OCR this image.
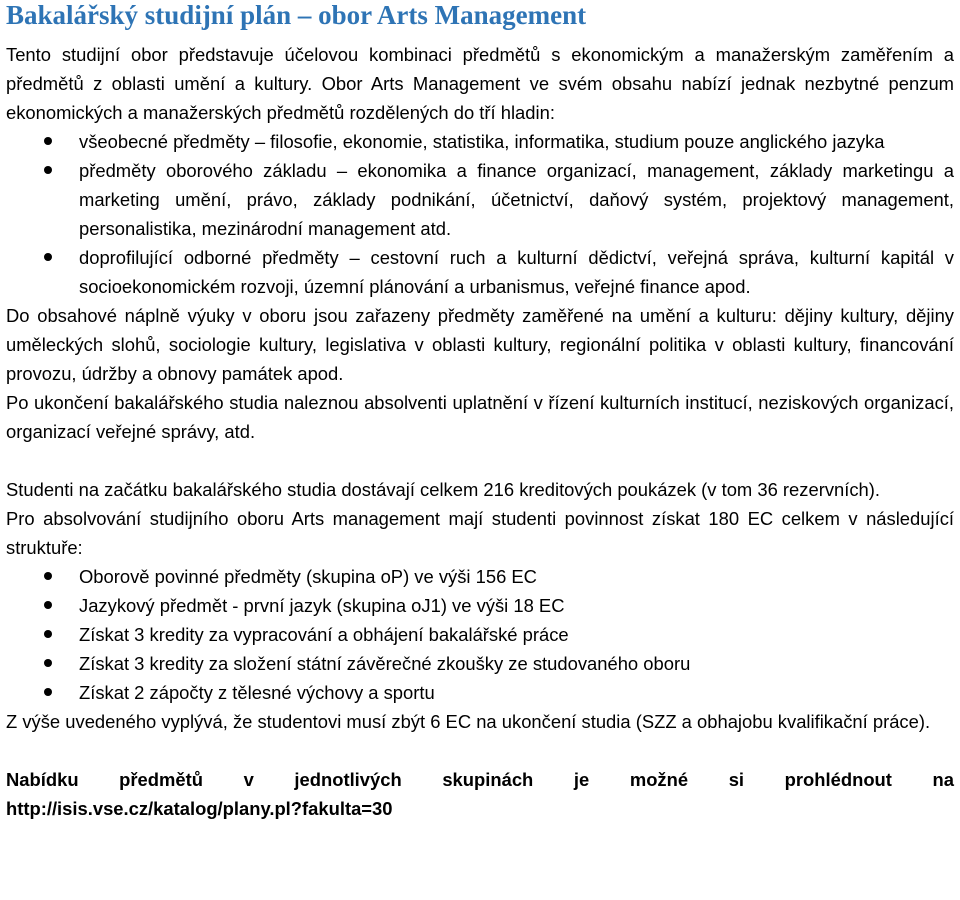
Bakalářský studijní plán – obor Arts Management

Tento studijní obor představuje účelovou kombinaci předmětů s ekonomickým a manažerským zaměřením a předmětů z oblasti umění a kultury. Obor Arts Management ve svém obsahu nabízí jednak nezbytné penzum ekonomických a manažerských předmětů rozdělených do tří hladin:

všeobecné předměty – filosofie, ekonomie, statistika, informatika, studium pouze anglického jazyka
předměty oborového základu – ekonomika a finance organizací, management, základy marketingu a marketing umění, právo, základy podnikání, účetnictví, daňový systém, projektový management, personalistika, mezinárodní management atd.
doprofilující odborné předměty – cestovní ruch a kulturní dědictví, veřejná správa, kulturní kapitál v socioekonomickém rozvoji, územní plánování a urbanismus, veřejné finance apod.

Do obsahové náplně výuky v oboru jsou zařazeny předměty zaměřené na umění a kulturu: dějiny kultury, dějiny uměleckých slohů, sociologie kultury, legislativa v oblasti kultury, regionální politika v oblasti kultury, financování provozu, údržby a obnovy památek apod.

Po ukončení bakalářského studia naleznou absolventi uplatnění v řízení kulturních institucí, neziskových organizací, organizací veřejné správy, atd.

Studenti na začátku bakalářského studia dostávají celkem 216 kreditových poukázek (v tom 36 rezervních).

Pro absolvování studijního oboru Arts management mají studenti povinnost získat 180 EC celkem v následující struktuře:

Oborově povinné předměty (skupina oP) ve výši 156 EC
Jazykový předmět - první jazyk (skupina oJ1) ve výši 18 EC
Získat 3 kredity za vypracování a obhájení bakalářské práce
Získat 3 kredity za složení státní závěrečné zkoušky ze studovaného oboru
Získat 2 zápočty z tělesné výchovy a sportu

Z výše uvedeného vyplývá, že studentovi musí zbýt 6 EC na ukončení studia (SZZ a obhajobu kvalifikační práce).

Nabídku předmětů v jednotlivých skupinách je možné si prohlédnout na

http://isis.vse.cz/katalog/plany.pl?fakulta=30
